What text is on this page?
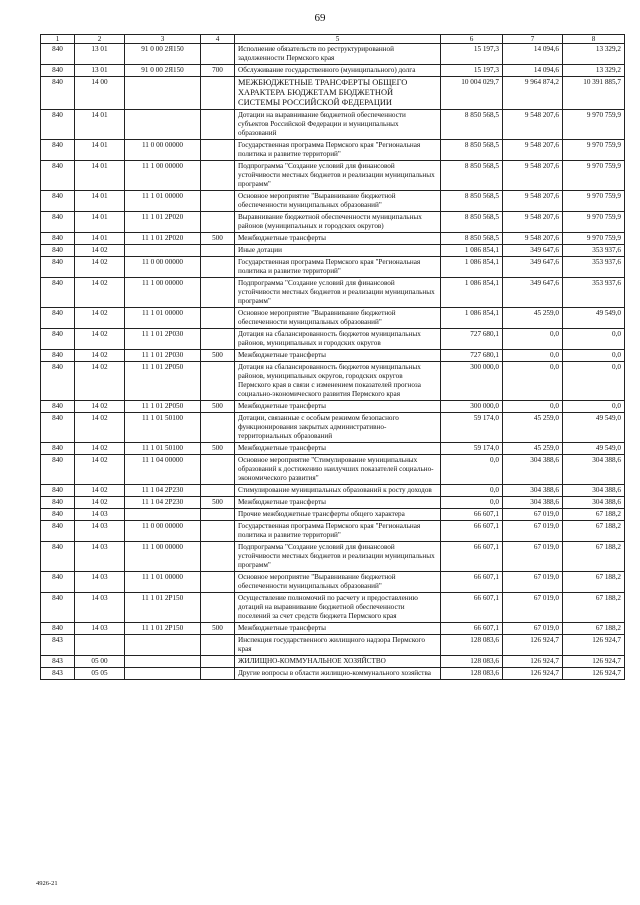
69
1	2	3	4	5	6	7	8
840	13 01	91 0 00 2Я150		Исполнение обязательств по реструктурированной задолженности Пермского края	15 197,3	14 094,6	13 329,2
840	13 01	91 0 00 2Я150	700	Обслуживание государственного (муниципального) долга	15 197,3	14 094,6	13 329,2
840	14 00			МЕЖБЮДЖЕТНЫЕ ТРАНСФЕРТЫ ОБЩЕГО ХАРАКТЕРА БЮДЖЕТАМ БЮДЖЕТНОЙ СИСТЕМЫ РОССИЙСКОЙ ФЕДЕРАЦИИ	10 004 029,7	9 964 874,2	10 391 885,7
840	14 01			Дотации на выравнивание бюджетной обеспеченности субъектов Российской Федерации и муниципальных образований	8 850 568,5	9 548 207,6	9 970 759,9
840	14 01	11 0 00 00000		Государственная программа Пермского края "Региональная политика и развитие территорий"	8 850 568,5	9 548 207,6	9 970 759,9
840	14 01	11 1 00 00000		Подпрограмма "Создание условий для финансовой устойчивости местных бюджетов и реализации муниципальных программ"	8 850 568,5	9 548 207,6	9 970 759,9
840	14 01	11 1 01 00000		Основное мероприятие "Выравнивание бюджетной обеспеченности муниципальных образований"	8 850 568,5	9 548 207,6	9 970 759,9
840	14 01	11 1 01 2Р020		Выравнивание бюджетной обеспеченности муниципальных районов (муниципальных и городских округов)	8 850 568,5	9 548 207,6	9 970 759,9
840	14 01	11 1 01 2Р020	500	Межбюджетные трансферты	8 850 568,5	9 548 207,6	9 970 759,9
840	14 02			Иные дотации	1 086 854,1	349 647,6	353 937,6
840	14 02	11 0 00 00000		Государственная программа Пермского края "Региональная политика и развитие территорий"	1 086 854,1	349 647,6	353 937,6
840	14 02	11 1 00 00000		Подпрограмма "Создание условий для финансовой устойчивости местных бюджетов и реализации муниципальных программ"	1 086 854,1	349 647,6	353 937,6
840	14 02	11 1 01 00000		Основное мероприятие "Выравнивание бюджетной обеспеченности муниципальных образований"	1 086 854,1	45 259,0	49 549,0
840	14 02	11 1 01 2Р030		Дотация на сбалансированность бюджетов муниципальных районов, муниципальных и городских округов	727 680,1	0,0	0,0
840	14 02	11 1 01 2Р030	500	Межбюджетные трансферты	727 680,1	0,0	0,0
840	14 02	11 1 01 2Р050		Дотация на сбалансированность бюджетов муниципальных районов, муниципальных округов, городских округов Пермского края в связи с изменением показателей прогноза социально-экономического развития Пермского края	300 000,0	0,0	0,0
840	14 02	11 1 01 2Р050	500	Межбюджетные трансферты	300 000,0	0,0	0,0
840	14 02	11 1 01 50100		Дотации, связанные с особым режимом безопасного функционирования закрытых административно-территориальных образований	59 174,0	45 259,0	49 549,0
840	14 02	11 1 01 50100	500	Межбюджетные трансферты	59 174,0	45 259,0	49 549,0
840	14 02	11 1 04 00000		Основное мероприятие "Стимулирование муниципальных образований к достижению наилучших показателей социально-экономического развития"	0,0	304 388,6	304 388,6
840	14 02	11 1 04 2Р230		Стимулирование муниципальных образований к росту доходов	0,0	304 388,6	304 388,6
840	14 02	11 1 04 2Р230	500	Межбюджетные трансферты	0,0	304 388,6	304 388,6
840	14 03			Прочие межбюджетные трансферты общего характера	66 607,1	67 019,0	67 188,2
840	14 03	11 0 00 00000		Государственная программа Пермского края "Региональная политика и развитие территорий"	66 607,1	67 019,0	67 188,2
840	14 03	11 1 00 00000		Подпрограмма "Создание условий для финансовой устойчивости местных бюджетов и реализации муниципальных программ"	66 607,1	67 019,0	67 188,2
840	14 03	11 1 01 00000		Основное мероприятие "Выравнивание бюджетной обеспеченности муниципальных образований"	66 607,1	67 019,0	67 188,2
840	14 03	11 1 01 2Р150		Осуществление полномочий по расчету и предоставлению дотаций на выравнивание бюджетной обеспеченности поселений за счет средств бюджета Пермского края	66 607,1	67 019,0	67 188,2
840	14 03	11 1 01 2Р150	500	Межбюджетные трансферты	66 607,1	67 019,0	67 188,2
843				Инспекция государственного жилищного надзора Пермского края	128 083,6	126 924,7	126 924,7
843	05 00			ЖИЛИЩНО-КОММУНАЛЬНОЕ ХОЗЯЙСТВО	128 083,6	126 924,7	126 924,7
843	05 05			Другие вопросы в области жилищно-коммунального хозяйства	128 083,6	126 924,7	126 924,7
4926-21
